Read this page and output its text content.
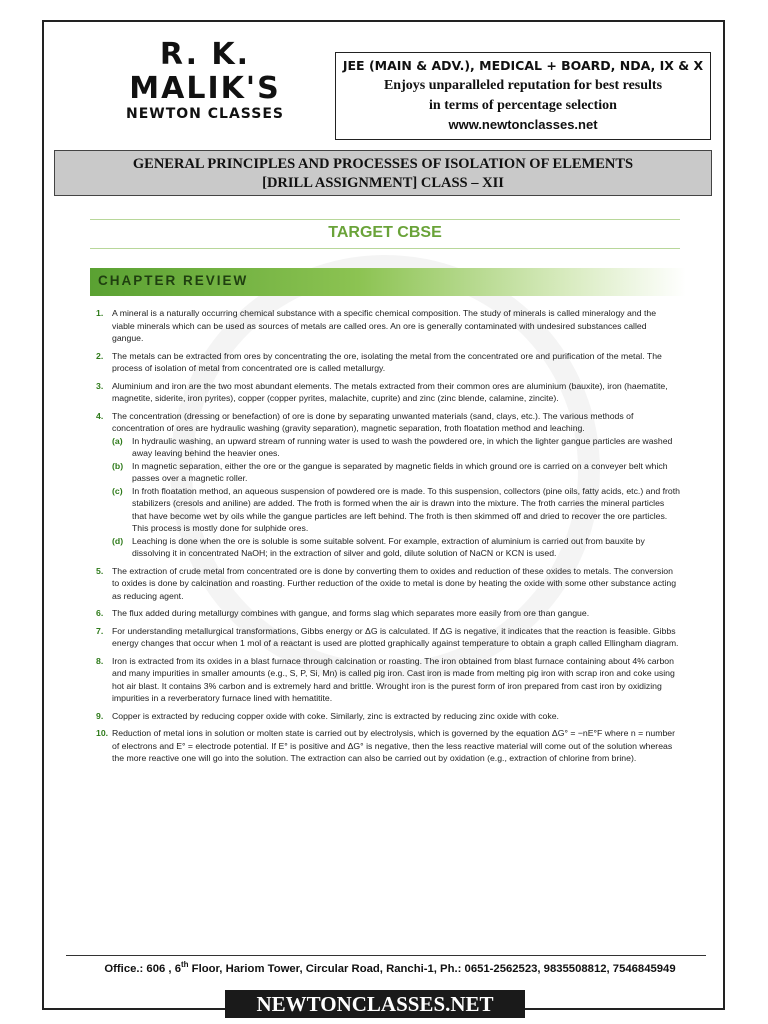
R. K. MALIK'S
NEWTON CLASSES
JEE (MAIN & ADV.), MEDICAL + BOARD, NDA, IX & X
Enjoys unparalleled reputation for best results
in terms of percentage selection
www.newtonclasses.net
GENERAL PRINCIPLES AND PROCESSES OF ISOLATION OF ELEMENTS
[DRILL ASSIGNMENT] CLASS – XII
TARGET CBSE
CHAPTER REVIEW
1. A mineral is a naturally occurring chemical substance with a specific chemical composition. The study of minerals is called mineralogy and the viable minerals which can be used as sources of metals are called ores. An ore is generally contaminated with undesired substances called gangue.
2. The metals can be extracted from ores by concentrating the ore, isolating the metal from the concentrated ore and purification of the metal. The process of isolation of metal from concentrated ore is called metallurgy.
3. Aluminium and iron are the two most abundant elements. The metals extracted from their common ores are aluminium (bauxite), iron (haematite, magnetite, siderite, iron pyrites), copper (copper pyrites, malachite, cuprite) and zinc (zinc blende, calamine, zincite).
4. The concentration (dressing or benefaction) of ore is done by separating unwanted materials (sand, clays, etc.). The various methods of concentration of ores are hydraulic washing (gravity separation), magnetic separation, froth floatation method and leaching.
(a) In hydraulic washing, an upward stream of running water is used to wash the powdered ore, in which the lighter gangue particles are washed away leaving behind the heavier ones.
(b) In magnetic separation, either the ore or the gangue is separated by magnetic fields in which ground ore is carried on a conveyer belt which passes over a magnetic roller.
(c) In froth floatation method, an aqueous suspension of powdered ore is made. To this suspension, collectors (pine oils, fatty acids, etc.) and froth stabilizers (cresols and aniline) are added. The froth is formed when the air is drawn into the mixture. The froth carries the mineral particles that have become wet by oils while the gangue particles are left behind. The froth is then skimmed off and dried to recover the ore particles. This process is mostly done for sulphide ores.
(d) Leaching is done when the ore is soluble is some suitable solvent. For example, extraction of aluminium is carried out from bauxite by dissolving it in concentrated NaOH; in the extraction of silver and gold, dilute solution of NaCN or KCN is used.
5. The extraction of crude metal from concentrated ore is done by converting them to oxides and reduction of these oxides to metals. The conversion to oxides is done by calcination and roasting. Further reduction of the oxide to metal is done by heating the oxide with some other substance acting as reducing agent.
6. The flux added during metallurgy combines with gangue, and forms slag which separates more easily from ore than gangue.
7. For understanding metallurgical transformations, Gibbs energy or ΔG is calculated. If ΔG is negative, it indicates that the reaction is feasible. Gibbs energy changes that occur when 1 mol of a reactant is used are plotted graphically against temperature to obtain a graph called Ellingham diagram.
8. Iron is extracted from its oxides in a blast furnace through calcination or roasting. The iron obtained from blast furnace containing about 4% carbon and many impurities in smaller amounts (e.g., S, P, Si, Mn) is called pig iron. Cast iron is made from melting pig iron with scrap iron and coke using hot air blast. It contains 3% carbon and is extremely hard and brittle. Wrought iron is the purest form of iron prepared from cast iron by oxidizing impurities in a reverberatory furnace lined with hematitite.
9. Copper is extracted by reducing copper oxide with coke. Similarly, zinc is extracted by reducing zinc oxide with coke.
10. Reduction of metal ions in solution or molten state is carried out by electrolysis, which is governed by the equation ΔG° = −nE°F where n = number of electrons and E° = electrode potential. If E° is positive and ΔG° is negative, then the less reactive material will come out of the solution whereas the more reactive one will go into the solution. The extraction can also be carried out by oxidation (e.g., extraction of chlorine from brine).
Office.: 606 , 6th Floor, Hariom Tower, Circular Road, Ranchi-1, Ph.: 0651-2562523, 9835508812, 7546845949
NEWTONCLASSES.NET
